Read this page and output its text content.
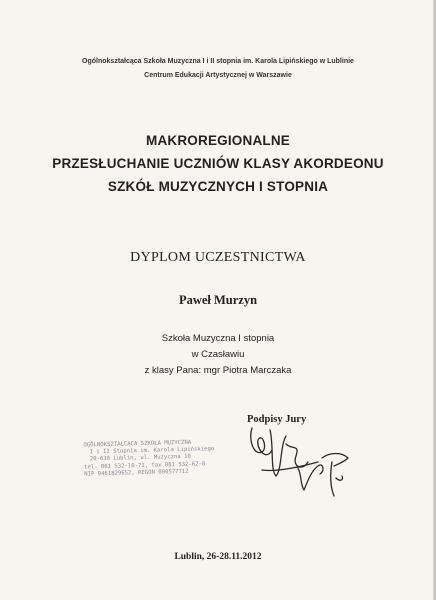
Ogólnokształcąca Szkoła Muzyczna I i II stopnia im. Karola Lipińskiego w Lublinie
Centrum Edukacji Artystycznej w Warszawie
MAKROREGIONALNE
PRZESŁUCHANIE UCZNIÓW KLASY AKORDEONU
SZKÓŁ MUZYCZNYCH I STOPNIA
DYPLOM UCZESTNICTWA
Paweł Murzyn
Szkoła Muzyczna I stopnia
w Czasławiu
z klasy Pana: mgr Piotra Marczaka
Podpisy Jury
OGÓLNOKSZTAŁCĄCA SZKOŁA MUZYCZNA
I i II Stopnia im. Karola Lipińskiego
20-630 Lublin, ul. Muzyczna 10
tel. 081 532-10-71, fax 081 532-62-0
NIP 9461829652, REGON 000577712
Lublin, 26-28.11.2012
